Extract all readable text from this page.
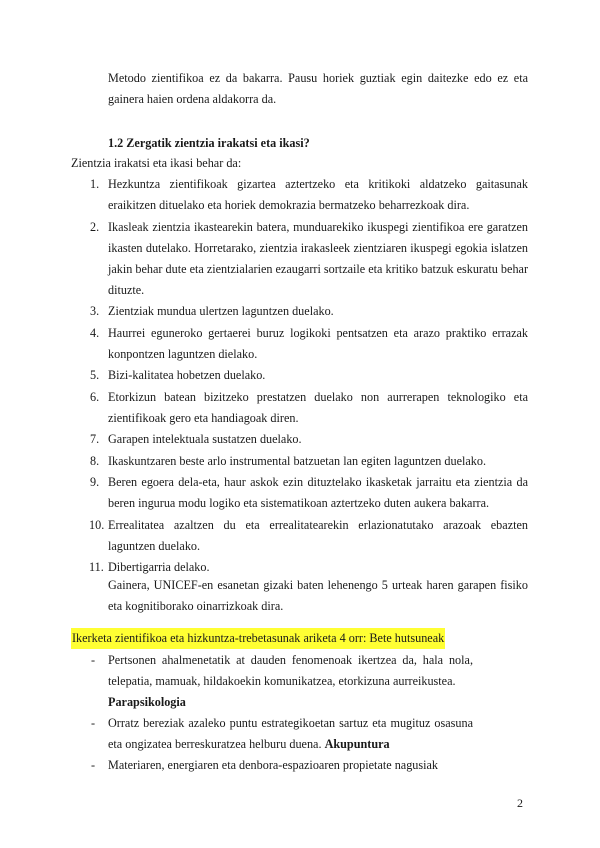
Metodo zientifikoa ez da bakarra. Pausu horiek guztiak egin daitezke edo ez eta gainera haien ordena aldakorra da.
1.2 Zergatik zientzia irakatsi eta ikasi?
Zientzia irakatsi eta ikasi behar da:
1. Hezkuntza zientifikoak gizartea aztertzeko eta kritikoki aldatzeko gaitasunak eraikitzen dituelako eta horiek demokrazia bermatzeko beharrezkoak dira.
2. Ikasleak zientzia ikastearekin batera, munduarekiko ikuspegi zientifikoa ere garatzen ikasten dutelako. Horretarako, zientzia irakasleek zientziaren ikuspegi egokia islatzen jakin behar dute eta zientzialarien ezaugarri sortzaile eta kritiko batzuk eskuratu behar dituzte.
3. Zientziak mundua ulertzen laguntzen duelako.
4. Haurrei eguneroko gertaerei buruz logikoki pentsatzen eta arazo praktiko errazak konpontzen laguntzen dielako.
5. Bizi-kalitatea hobetzen duelako.
6. Etorkizun batean bizitzeko prestatzen duelako non aurrerapen teknologiko eta zientifikoak gero eta handiagoak diren.
7. Garapen intelektuala sustatzen duelako.
8. Ikaskuntzaren beste arlo instrumental batzuetan lan egiten laguntzen duelako.
9. Beren egoera dela-eta, haur askok ezin dituztelako ikasketak jarraitu eta zientzia da beren ingurua modu logiko eta sistematikoan aztertzeko duten aukera bakarra.
10. Errealitatea azaltzen du eta errealitatearekin erlazionatutako arazoak ebazten laguntzen duelako.
11. Dibertigarria delako.
Gainera, UNICEF-en esanetan gizaki baten lehenengo 5 urteak haren garapen fisiko eta kognitiborako oinarrizkoak dira.
Ikerketa zientifikoa eta hizkuntza-trebetasunak ariketa 4 orr: Bete hutsuneak
- Pertsonen ahalmenetatik at dauden fenomenoak ikertzea da, hala nola, telepatia, mamuak, hildakoekin komunikatzea, etorkizuna aurreikustea.
Parapsikologia
- Orratz bereziak azaleko puntu estrategikoetan sartuz eta mugituz osasuna eta ongizatea berreskuratzea helburu duena. Akupuntura
- Materiaren, energiaren eta denbora-espazioaren propietate nagusiak
2
